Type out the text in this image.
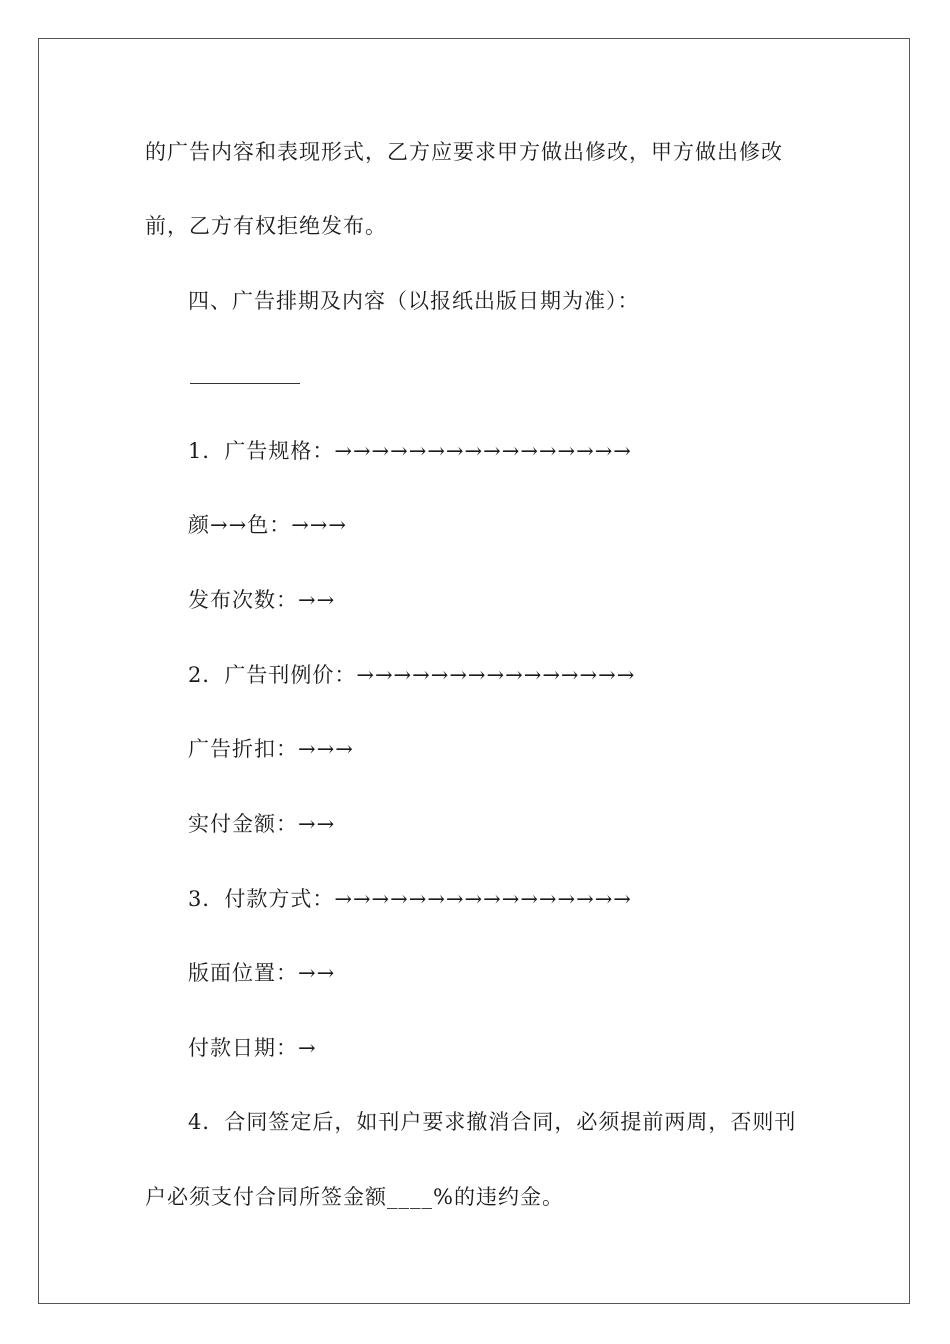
的广告内容和表现形式，乙方应要求甲方做出修改，甲方做出修改
前，乙方有权拒绝发布。
四、广告排期及内容（以报纸出版日期为准）：
1．广告规格：→→→→→→→→→→→→→→→→
颜→→色：→→→
发布次数：→→
2．广告刊例价：→→→→→→→→→→→→→→→
广告折扣：→→→
实付金额：→→
3．付款方式：→→→→→→→→→→→→→→→→
版面位置：→→
付款日期：→
4．合同签定后，如刊户要求撤消合同，必须提前两周，否则刊
户必须支付合同所签金额____%的违约金。
